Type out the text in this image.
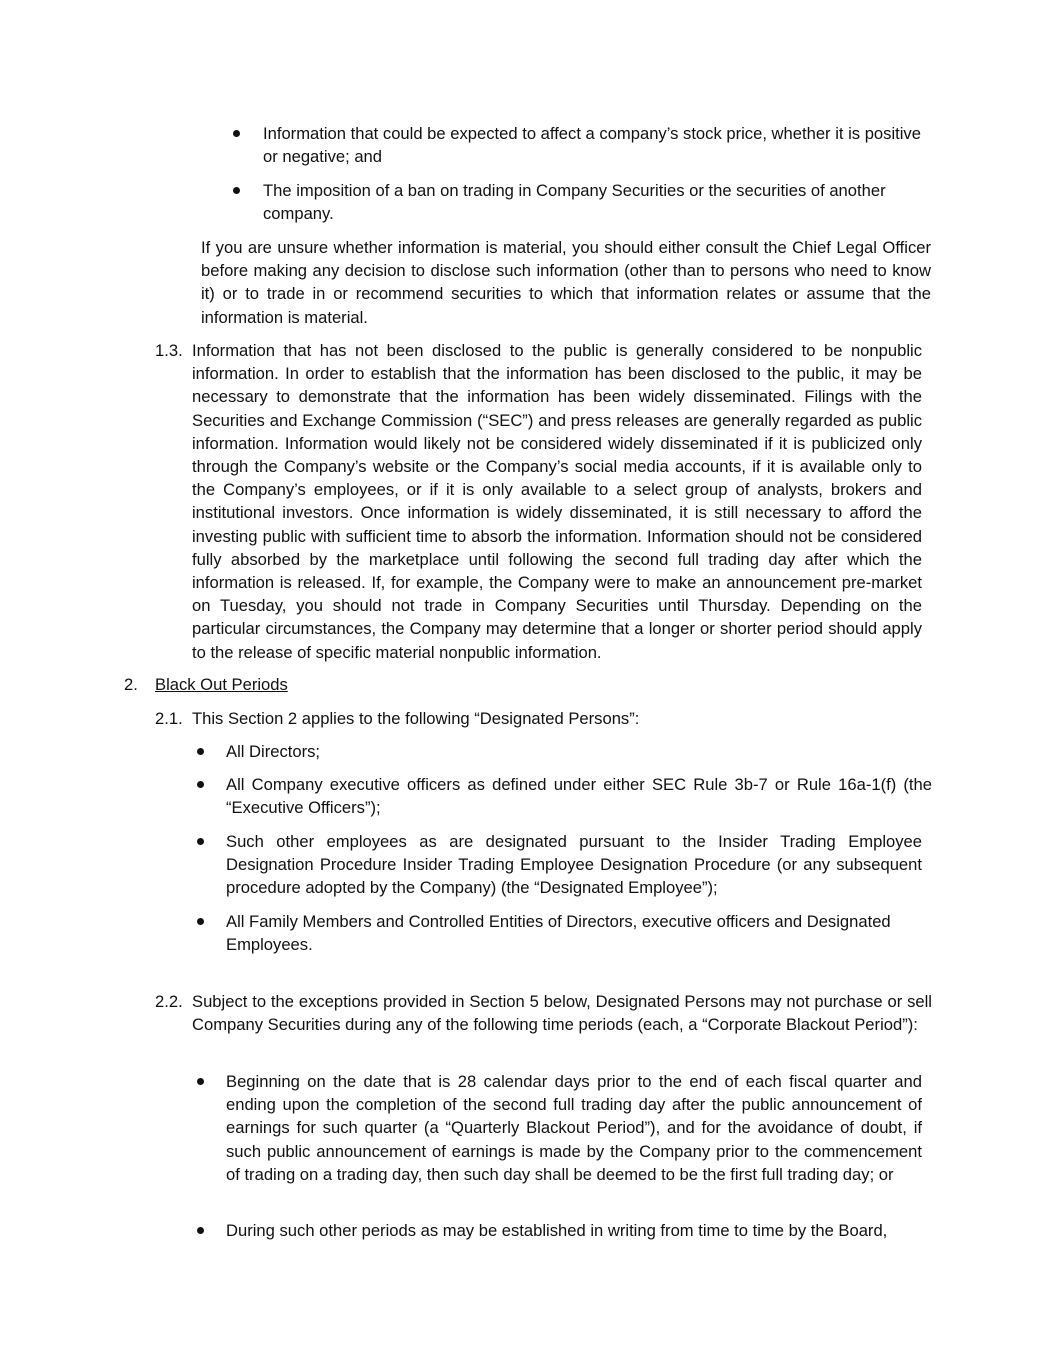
Information that could be expected to affect a company’s stock price, whether it is positive or negative; and
The imposition of a ban on trading in Company Securities or the securities of another company.
If you are unsure whether information is material, you should either consult the Chief Legal Officer before making any decision to disclose such information (other than to persons who need to know it) or to trade in or recommend securities to which that information relates or assume that the information is material.
1.3. Information that has not been disclosed to the public is generally considered to be nonpublic information. In order to establish that the information has been disclosed to the public, it may be necessary to demonstrate that the information has been widely disseminated. Filings with the Securities and Exchange Commission (“SEC”) and press releases are generally regarded as public information. Information would likely not be considered widely disseminated if it is publicized only through the Company’s website or the Company’s social media accounts, if it is available only to the Company’s employees, or if it is only available to a select group of analysts, brokers and institutional investors. Once information is widely disseminated, it is still necessary to afford the investing public with sufficient time to absorb the information. Information should not be considered fully absorbed by the marketplace until following the second full trading day after which the information is released. If, for example, the Company were to make an announcement pre-market on Tuesday, you should not trade in Company Securities until Thursday. Depending on the particular circumstances, the Company may determine that a longer or shorter period should apply to the release of specific material nonpublic information.
2. Black Out Periods
2.1. This Section 2 applies to the following “Designated Persons”:
All Directors;
All Company executive officers as defined under either SEC Rule 3b-7 or Rule 16a-1(f) (the “Executive Officers”);
Such other employees as are designated pursuant to the Insider Trading Employee Designation Procedure Insider Trading Employee Designation Procedure (or any subsequent procedure adopted by the Company) (the “Designated Employee”);
All Family Members and Controlled Entities of Directors, executive officers and Designated Employees.
2.2. Subject to the exceptions provided in Section 5 below, Designated Persons may not purchase or sell Company Securities during any of the following time periods (each, a “Corporate Blackout Period”):
Beginning on the date that is 28 calendar days prior to the end of each fiscal quarter and ending upon the completion of the second full trading day after the public announcement of earnings for such quarter (a “Quarterly Blackout Period”), and for the avoidance of doubt, if such public announcement of earnings is made by the Company prior to the commencement of trading on a trading day, then such day shall be deemed to be the first full trading day; or
During such other periods as may be established in writing from time to time by the Board,
